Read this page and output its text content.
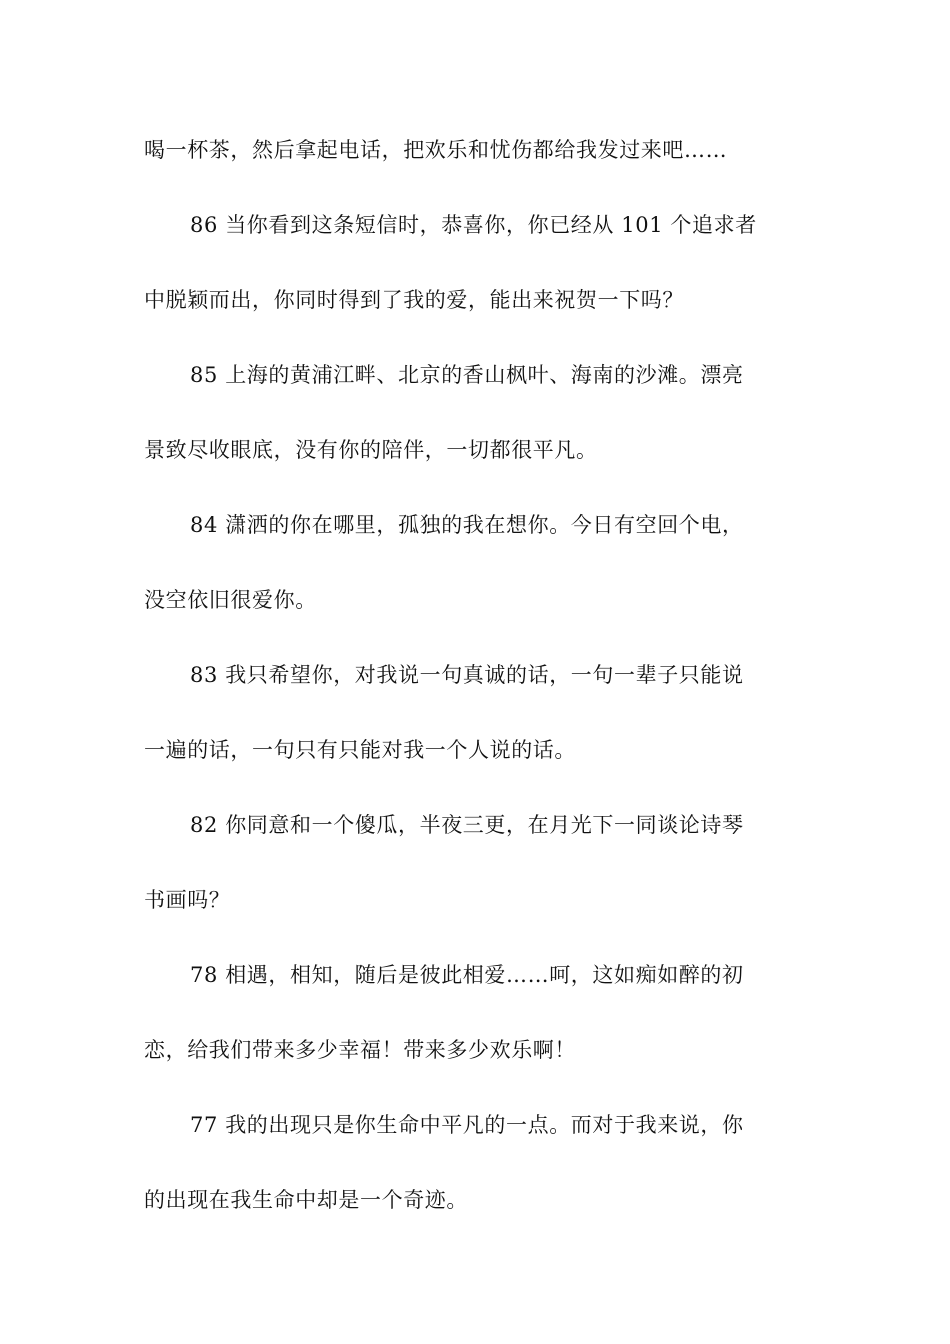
喝一杯茶，然后拿起电话，把欢乐和忧伤都给我发过来吧……
86 当你看到这条短信时，恭喜你，你已经从 101 个追求者
中脱颖而出，你同时得到了我的爱，能出来祝贺一下吗？
85 上海的黄浦江畔、北京的香山枫叶、海南的沙滩。漂亮
景致尽收眼底，没有你的陪伴，一切都很平凡。
84 潇洒的你在哪里，孤独的我在想你。今日有空回个电，
没空依旧很爱你。
83 我只希望你，对我说一句真诚的话，一句一辈子只能说
一遍的话，一句只有只能对我一个人说的话。
82 你同意和一个傻瓜，半夜三更，在月光下一同谈论诗琴
书画吗？
78 相遇，相知，随后是彼此相爱……呵，这如痴如醉的初
恋，给我们带来多少幸福！带来多少欢乐啊！
77 我的出现只是你生命中平凡的一点。而对于我来说，你
的出现在我生命中却是一个奇迹。
